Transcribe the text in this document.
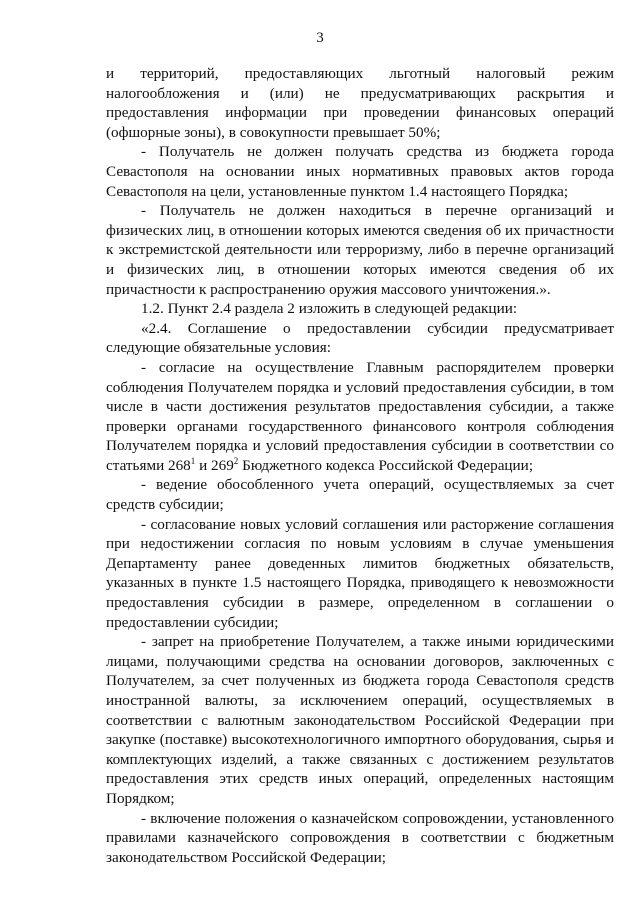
3

и территорий, предоставляющих льготный налоговый режим налогообложения и (или) не предусматривающих раскрытия и предоставления информации при проведении финансовых операций (офшорные зоны), в совокупности превышает 50%;

- Получатель не должен получать средства из бюджета города Севастополя на основании иных нормативных правовых актов города Севастополя на цели, установленные пунктом 1.4 настоящего Порядка;

- Получатель не должен находиться в перечне организаций и физических лиц, в отношении которых имеются сведения об их причастности к экстремистской деятельности или терроризму, либо в перечне организаций и физических лиц, в отношении которых имеются сведения об их причастности к распространению оружия массового уничтожения.».

1.2. Пункт 2.4 раздела 2 изложить в следующей редакции:

«2.4. Соглашение о предоставлении субсидии предусматривает следующие обязательные условия:

- согласие на осуществление Главным распорядителем проверки соблюдения Получателем порядка и условий предоставления субсидии, в том числе в части достижения результатов предоставления субсидии, а также проверки органами государственного финансового контроля соблюдения Получателем порядка и условий предоставления субсидии в соответствии со статьями $268^1$ и $269^2$ Бюджетного кодекса Российской Федерации;

- ведение обособленного учета операций, осуществляемых за счет средств субсидии;

- согласование новых условий соглашения или расторжение соглашения при недостижении согласия по новым условиям в случае уменьшения Департаменту ранее доведенных лимитов бюджетных обязательств, указанных в пункте 1.5 настоящего Порядка, приводящего к невозможности предоставления субсидии в размере, определенном в соглашении о предоставлении субсидии;

- запрет на приобретение Получателем, а также иными юридическими лицами, получающими средства на основании договоров, заключенных с Получателем, за счет полученных из бюджета города Севастополя средств иностранной валюты, за исключением операций, осуществляемых в соответствии с валютным законодательством Российской Федерации при закупке (поставке) высокотехнологичного импортного оборудования, сырья и комплектующих изделий, а также связанных с достижением результатов предоставления этих средств иных операций, определенных настоящим Порядком;

- включение положения о казначейском сопровождении, установленного правилами казначейского сопровождения в соответствии с бюджетным законодательством Российской Федерации;
